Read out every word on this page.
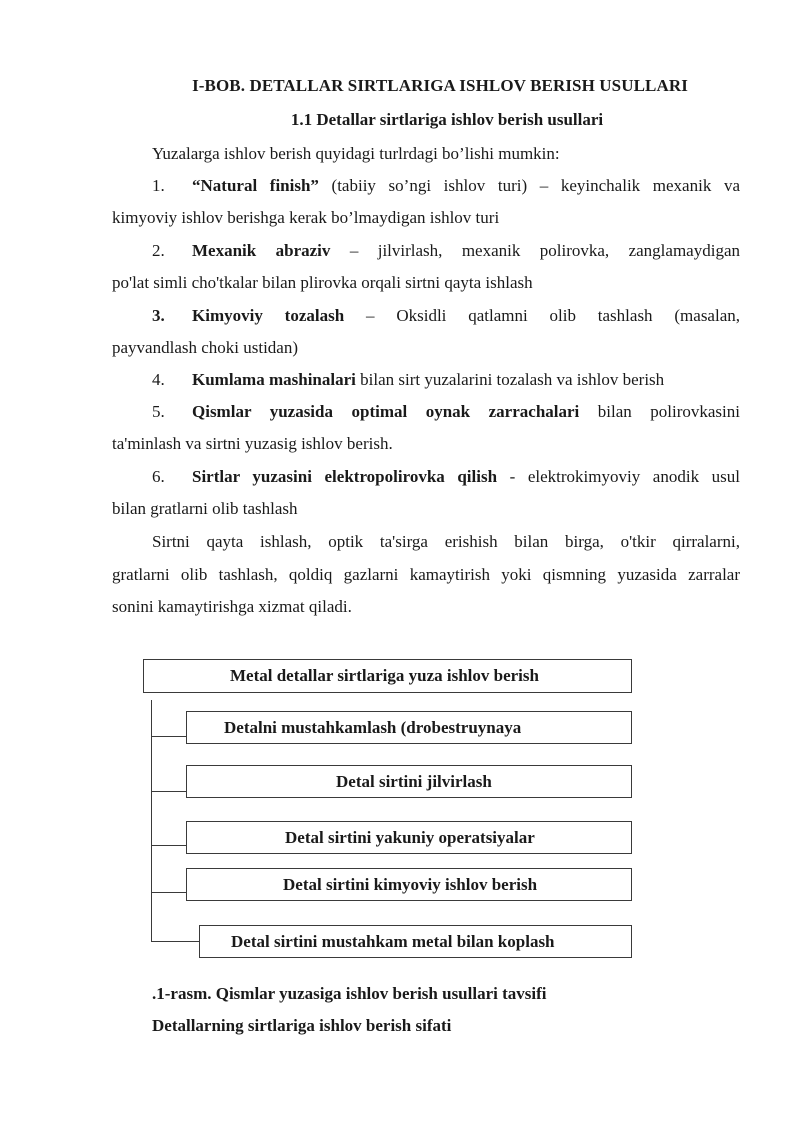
I-BOB. DETALLAR SIRTLARIGA ISHLOV BERISH USULLARI
1.1 Detallar sirtlariga ishlov berish usullari
Yuzalarga ishlov berish quyidagi turlrdagi bo’lishi mumkin:
1. “Natural finish” (tabiiy so’ngi ishlov turi) – keyinchalik mexanik va
kimyoviy ishlov berishga kerak bo’lmaydigan ishlov turi
2. Mexanik abraziv – jilvirlash, mexanik polirovka, zanglamaydigan
po'lat simli cho'tkalar bilan plirovka orqali sirtni qayta ishlash
3. Kimyoviy tozalash – Oksidli qatlamni olib tashlash (masalan,
payvandlash choki ustidan)
4. Kumlama mashinalari bilan sirt yuzalarini tozalash va ishlov berish
5. Qismlar yuzasida optimal oynak zarrachalari bilan polirovkasini
ta'minlash va sirtni yuzasig ishlov berish.
6. Sirtlar yuzasini elektropolirovka qilish - elektrokimyoviy anodik usul
bilan gratlarni olib tashlash
Sirtni qayta ishlash, optik ta'sirga erishish bilan birga, o'tkir qirralarni,
gratlarni olib tashlash, qoldiq gazlarni kamaytirish yoki qismning yuzasida zarralar
sonini kamaytirishga xizmat qiladi.
Metal detallar sirtlariga yuza ishlov berish
Detalni mustahkamlash (drobestruynaya
Detal sirtini jilvirlash
Detal sirtini yakuniy operatsiyalar
Detal sirtini kimyoviy ishlov berish
Detal sirtini mustahkam metal bilan koplash
.1-rasm. Qismlar yuzasiga ishlov berish usullari tavsifi
Detallarning sirtlariga ishlov berish sifati
